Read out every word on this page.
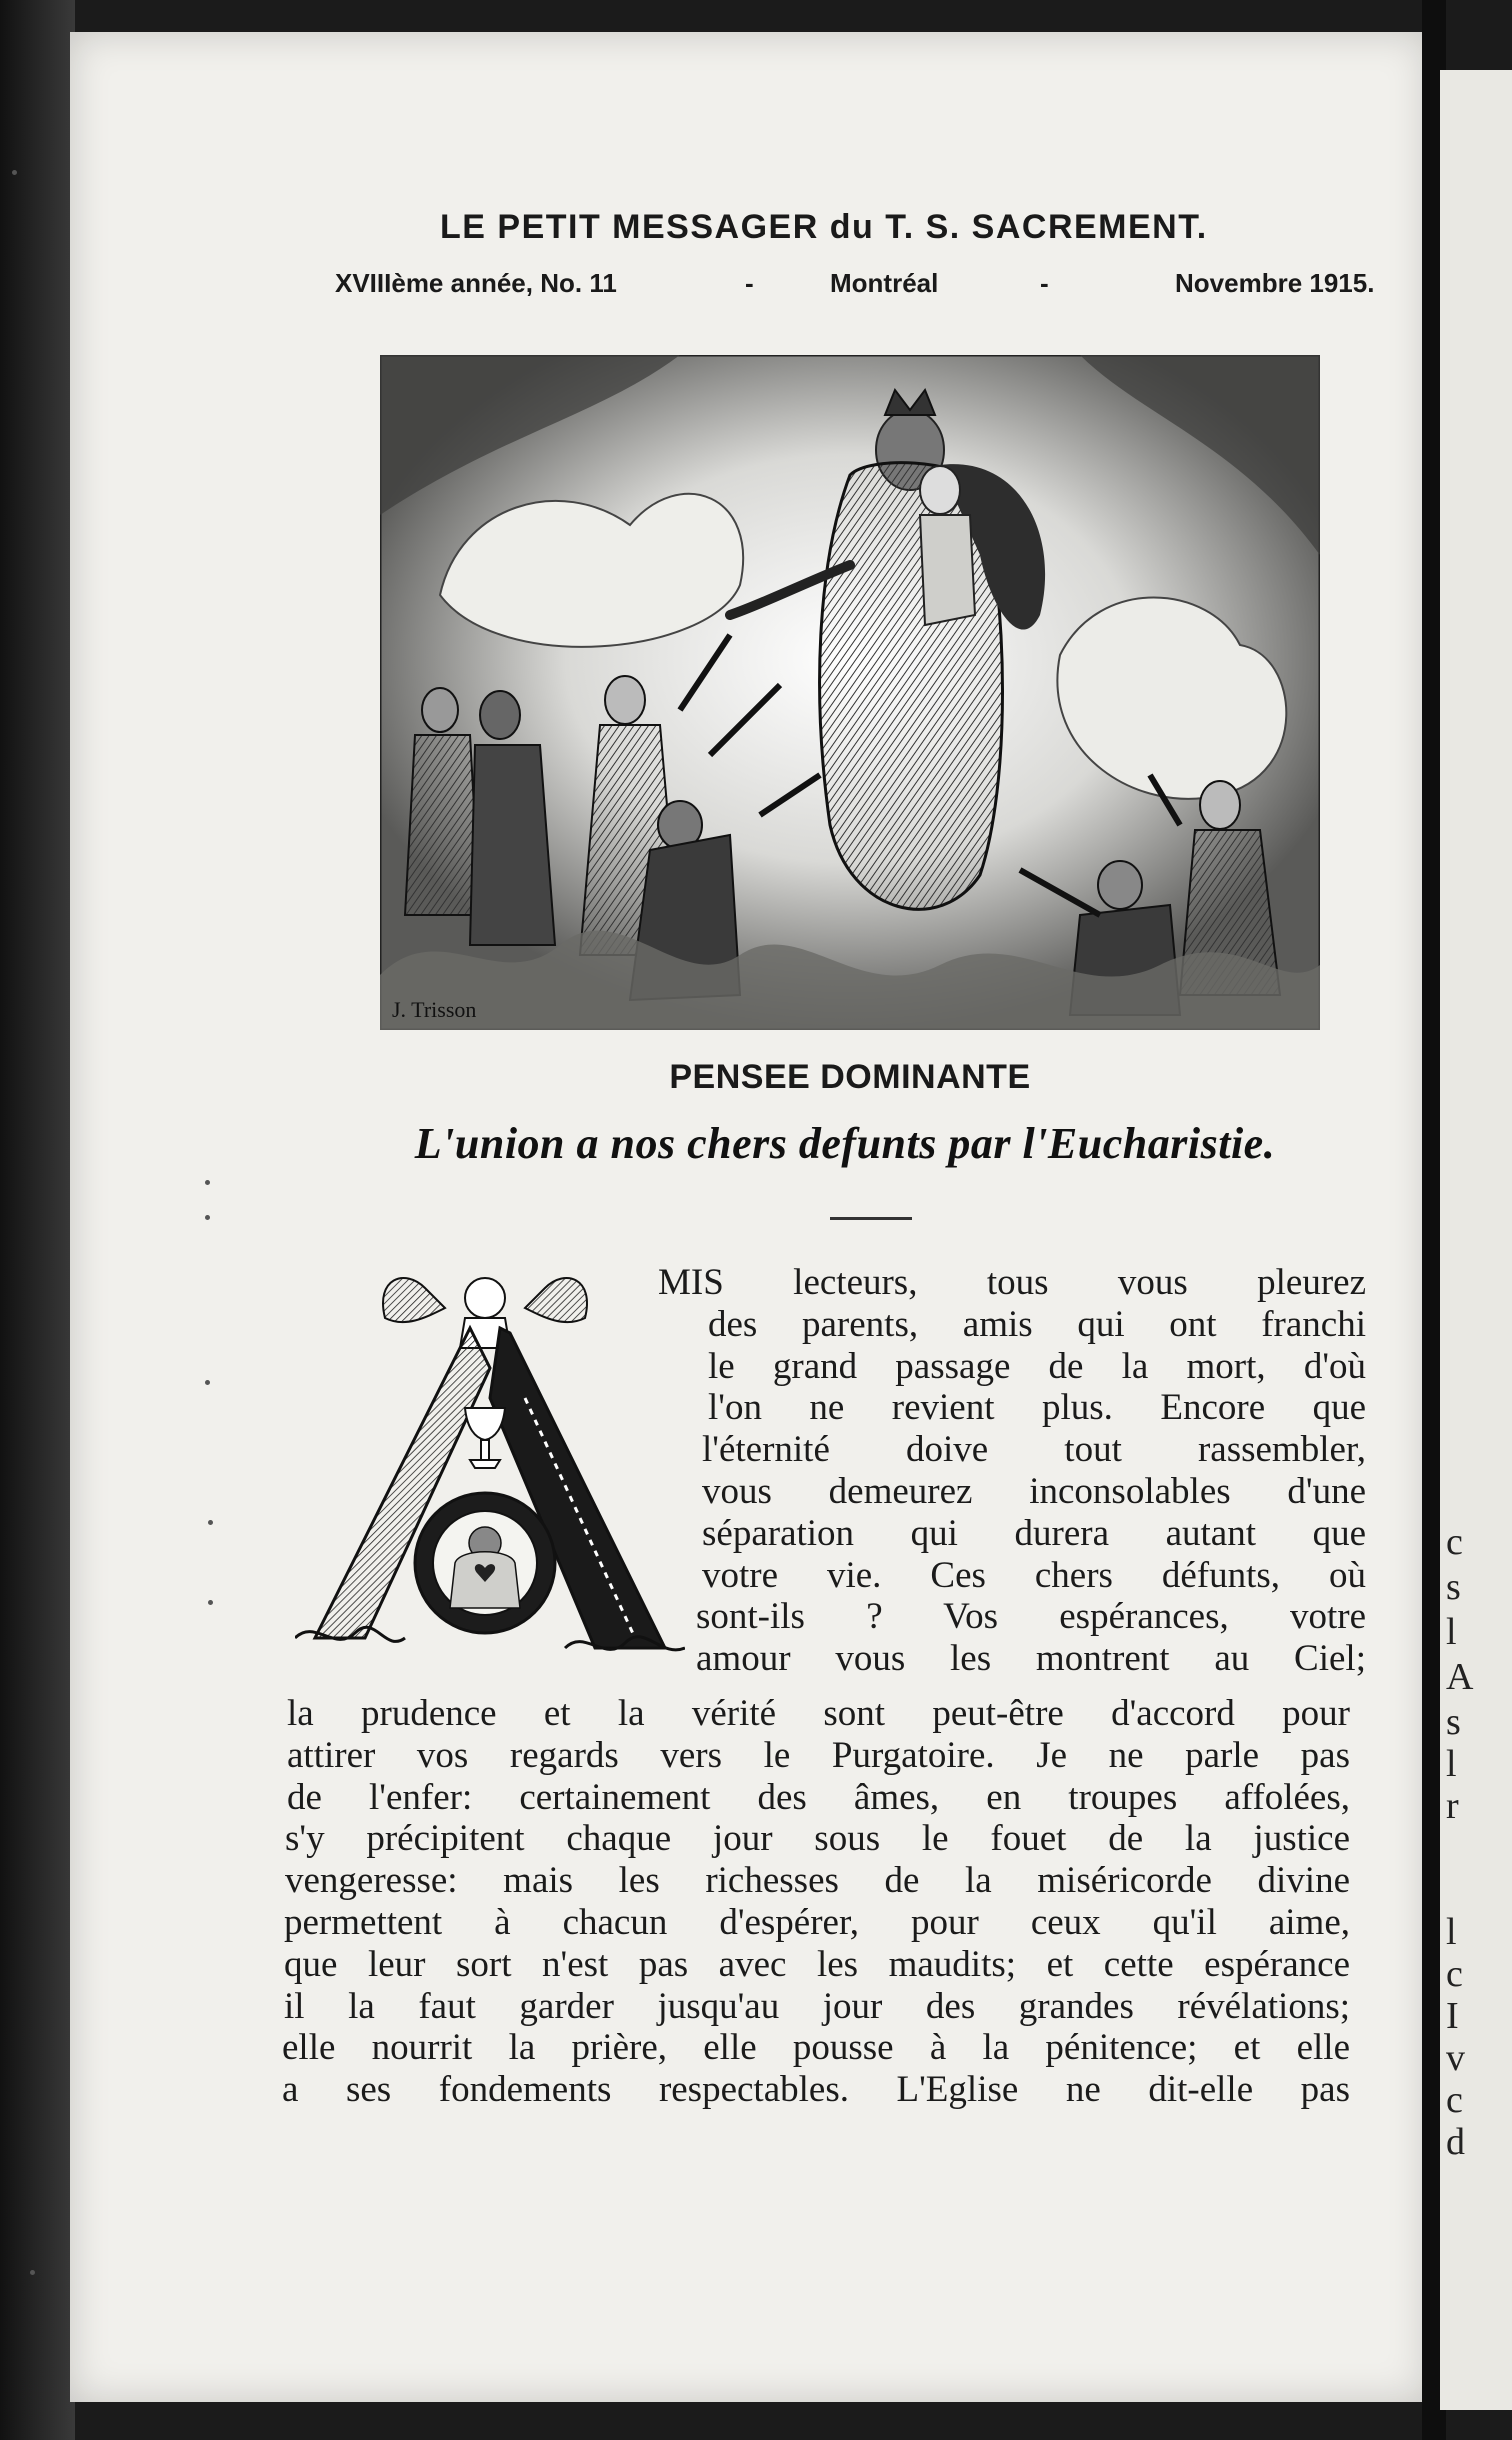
c
s
l
A
s
l
r
l
c
I
v
c
d
LE PETIT MESSAGER du T. S. SACREMENT.
XVIIIème année, No. 11	-	Montréal	-	Novembre 1915.
J. Trisson
PENSEE DOMINANTE
L'union a nos chers defunts par l'Eucharistie.
MIS lecteurs, tous vous pleurez
des parents, amis qui ont franchi
le grand passage de la mort, d'où
l'on ne revient plus. Encore que
l'éternité doive tout rassembler,
vous demeurez inconsolables d'une
séparation qui durera autant que
votre vie. Ces chers défunts, où
sont-ils ? Vos espérances, votre
amour vous les montrent au Ciel;
la prudence et la vérité sont peut-être d'accord pour
attirer vos regards vers le Purgatoire. Je ne parle pas
de l'enfer: certainement des âmes, en troupes affolées,
s'y précipitent chaque jour sous le fouet de la justice
vengeresse: mais les richesses de la miséricorde divine
permettent à chacun d'espérer, pour ceux qu'il aime,
que leur sort n'est pas avec les maudits; et cette espérance
il la faut garder jusqu'au jour des grandes révélations;
elle nourrit la prière, elle pousse à la pénitence; et elle
a ses fondements respectables. L'Eglise ne dit-elle pas
